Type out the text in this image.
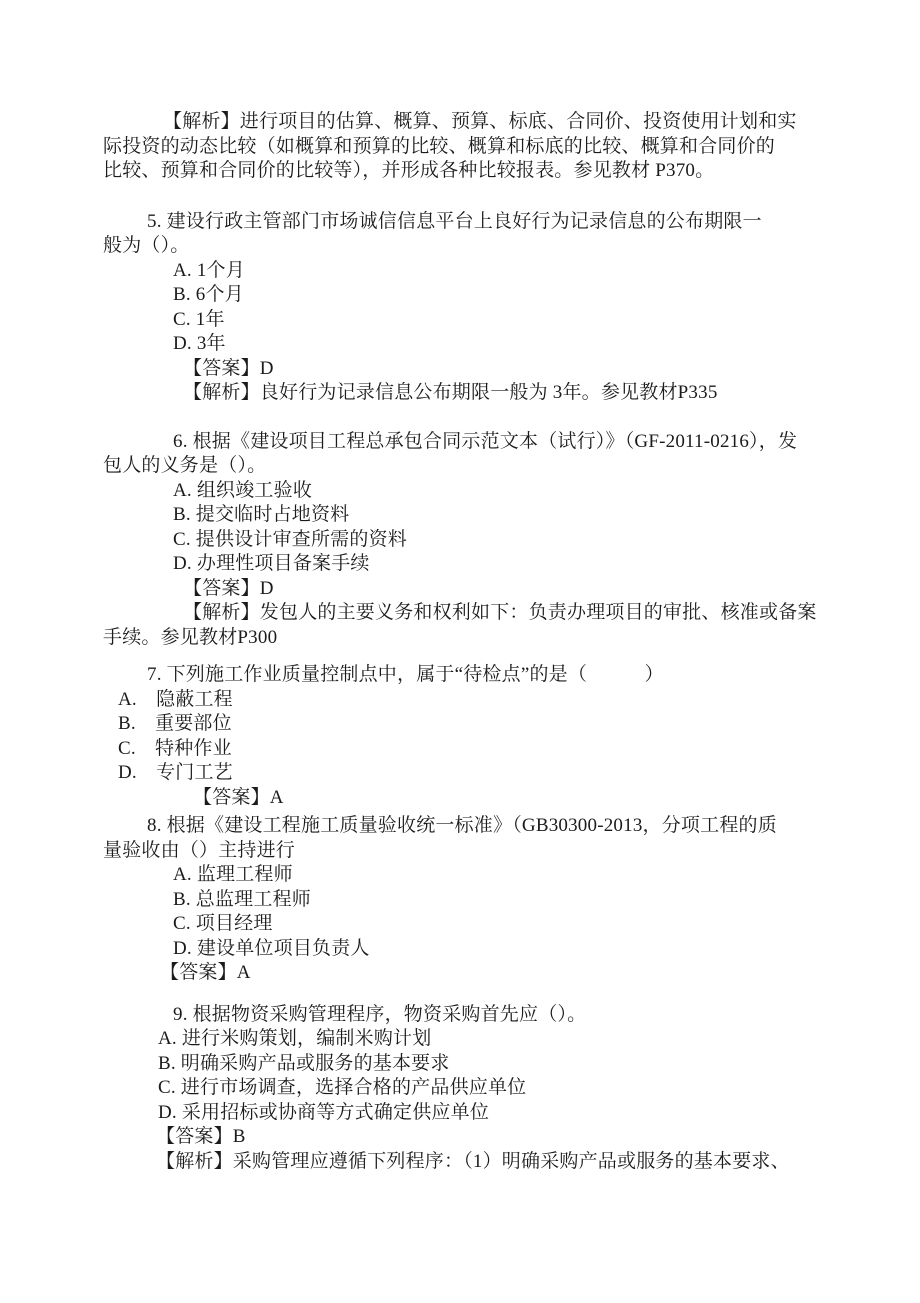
【解析】进行项目的估算、概算、预算、标底、合同价、投资使用计划和实
际投资的动态比较（如概算和预算的比较、概算和标底的比较、概算和合同价的
比较、预算和合同价的比较等），并形成各种比较报表。参见教材 P370。
5. 建设行政主管部门市场诚信信息平台上良好行为记录信息的公布期限一
般为（）。
A. 1个月
B. 6个月
C. 1年
D. 3年
【答案】D
【解析】良好行为记录信息公布期限一般为 3年。参见教材P335
6. 根据《建设项目工程总承包合同示范文本（试行）》（GF-2011-0216），发
包人的义务是（）。
A. 组织竣工验收
B. 提交临时占地资料
C. 提供设计审查所需的资料
D. 办理性项目备案手续
【答案】D
【解析】发包人的主要义务和权利如下：负责办理项目的审批、核准或备案
手续。参见教材P300
7. 下列施工作业质量控制点中，属于“待检点”的是（　　　）
A.　隐蔽工程
B.　重要部位
C.　特种作业
D.　专门工艺
【答案】A
8. 根据《建设工程施工质量验收统一标准》（GB30300-2013，分项工程的质
量验收由（）主持进行
A. 监理工程师
B. 总监理工程师
C. 项目经理
D. 建设单位项目负责人
【答案】A
9. 根据物资采购管理程序，物资采购首先应（）。
A. 进行米购策划，编制米购计划
B. 明确采购产品或服务的基本要求
C. 进行市场调查，选择合格的产品供应单位
D. 采用招标或协商等方式确定供应单位
【答案】B
【解析】采购管理应遵循下列程序：（1）明确采购产品或服务的基本要求、
